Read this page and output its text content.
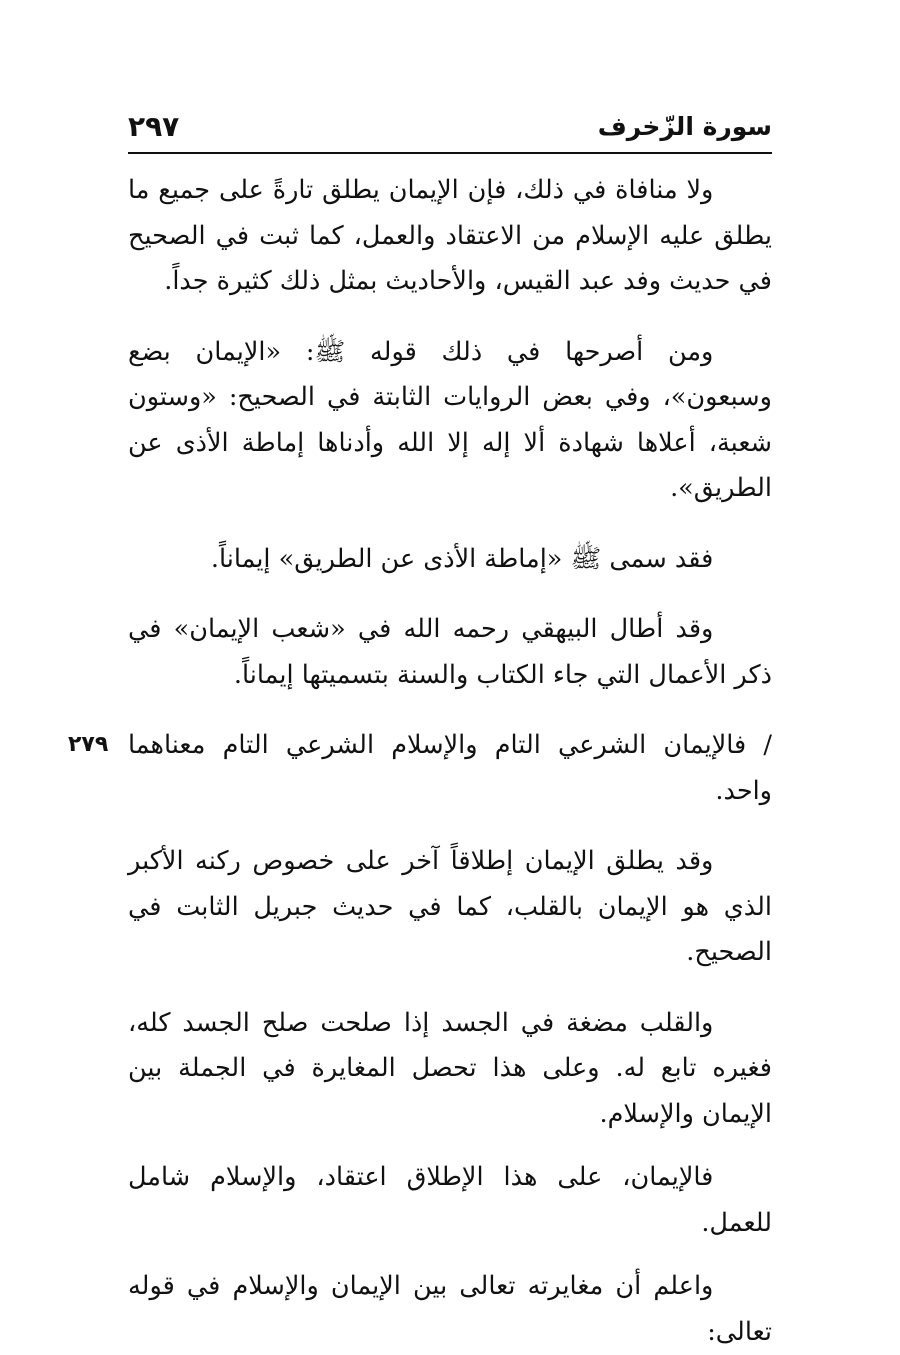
سورة الزّخرف
٢٩٧

ولا منافاة في ذلك، فإن الإيمان يطلق تارةً على جميع ما يطلق عليه الإسلام من الاعتقاد والعمل، كما ثبت في الصحيح في حديث وفد عبد القيس، والأحاديث بمثل ذلك كثيرة جداً.

ومن أصرحها في ذلك قوله ﷺ: «الإيمان بضع وسبعون»، وفي بعض الروايات الثابتة في الصحيح: «وستون شعبة، أعلاها شهادة ألا إله إلا الله وأدناها إماطة الأذى عن الطريق».

فقد سمى ﷺ «إماطة الأذى عن الطريق» إيماناً.

وقد أطال البيهقي رحمه الله في «شعب الإيمان» في ذكر الأعمال التي جاء الكتاب والسنة بتسميتها إيماناً.

/ فالإيمان الشرعي التام والإسلام الشرعي التام معناهما واحد.

٢٧٩

وقد يطلق الإيمان إطلاقاً آخر على خصوص ركنه الأكبر الذي هو الإيمان بالقلب، كما في حديث جبريل الثابت في الصحيح.

والقلب مضغة في الجسد إذا صلحت صلح الجسد كله، فغيره تابع له. وعلى هذا تحصل المغايرة في الجملة بين الإيمان والإسلام.

فالإيمان، على هذا الإطلاق اعتقاد، والإسلام شامل للعمل.

واعلم أن مغايرته تعالى بين الإيمان والإسلام في قوله تعالى:
